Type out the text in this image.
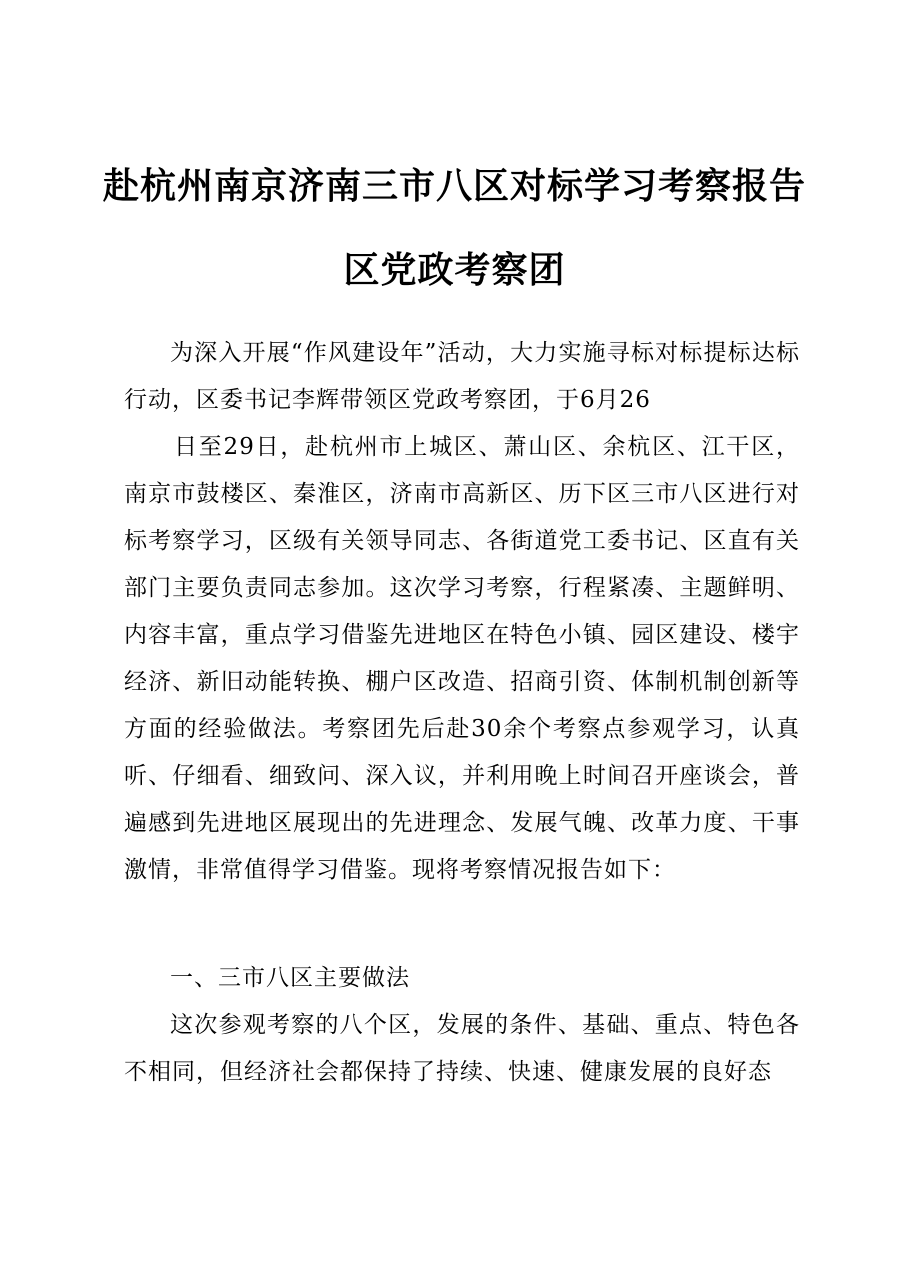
赴杭州南京济南三市八区对标学习考察报告
区党政考察团
为深入开展“作风建设年”活动，大力实施寻标对标提标达标行动，区委书记李辉带领区党政考察团，于6月26
日至29日，赴杭州市上城区、萧山区、余杭区、江干区，南京市鼓楼区、秦淮区，济南市高新区、历下区三市八区进行对标考察学习，区级有关领导同志、各街道党工委书记、区直有关部门主要负责同志参加。这次学习考察，行程紧凑、主题鲜明、内容丰富，重点学习借鉴先进地区在特色小镇、园区建设、楼宇经济、新旧动能转换、棚户区改造、招商引资、体制机制创新等方面的经验做法。考察团先后赴30余个考察点参观学习，认真听、仔细看、细致问、深入议，并利用晚上时间召开座谈会，普遍感到先进地区展现出的先进理念、发展气魄、改革力度、干事激情，非常值得学习借鉴。现将考察情况报告如下：
一、三市八区主要做法
这次参观考察的八个区，发展的条件、基础、重点、特色各不相同，但经济社会都保持了持续、快速、健康发展的良好态
